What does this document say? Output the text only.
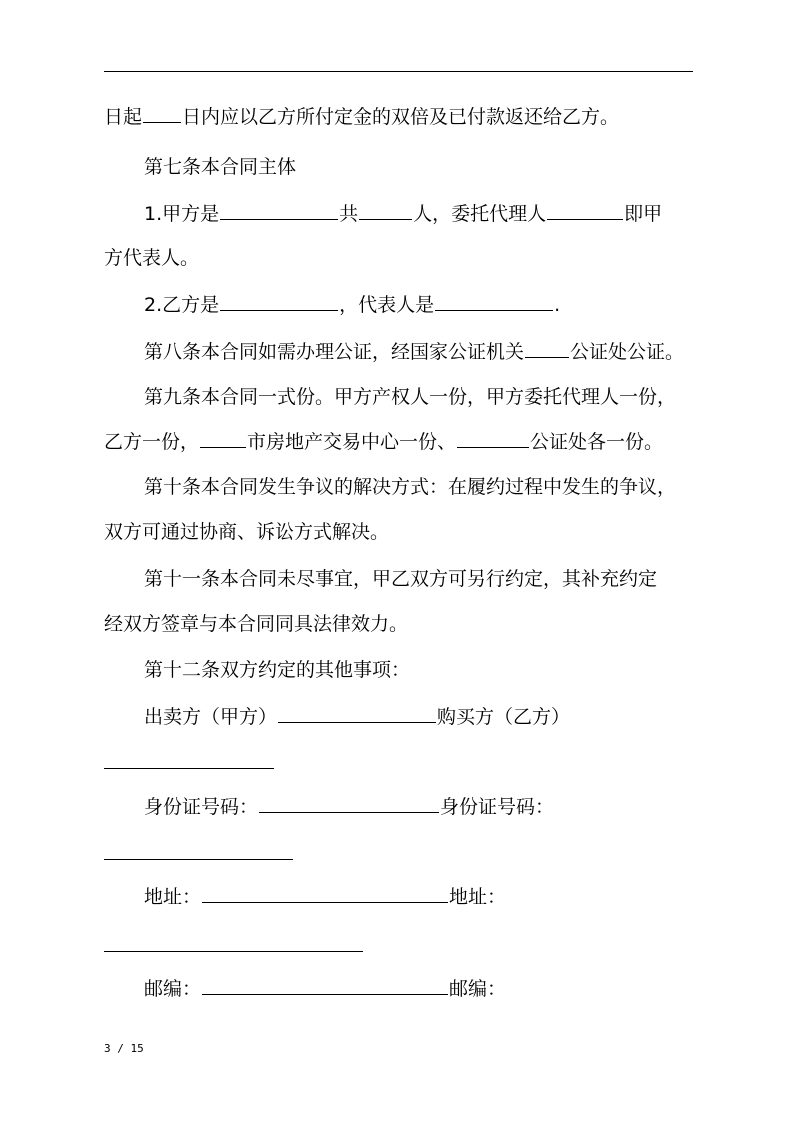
日起 日内应以乙方所付定金的双倍及已付款返还给乙方。
第七条本合同主体
1.甲方是	共	人，委托代理人	即甲
方代表人。
2.乙方是	，代表人是	.
第八条本合同如需办理公证，经国家公证机关 公证处公证。
第九条本合同一式份。甲方产权人一份，甲方委托代理人一份，
乙方一份，	市房地产交易中心一份、	公证处各一份。
第十条本合同发生争议的解决方式：在履约过程中发生的争议，
双方可通过协商、诉讼方式解决。
第十一条本合同未尽事宜，甲乙双方可另行约定，其补充约定
经双方签章与本合同同具法律效力。
第十二条双方约定的其他事项：
出卖方（甲方）	购买方（乙方）
身份证号码：	身份证号码：
地址：	地址：
邮编：	邮编：
3 / 15
